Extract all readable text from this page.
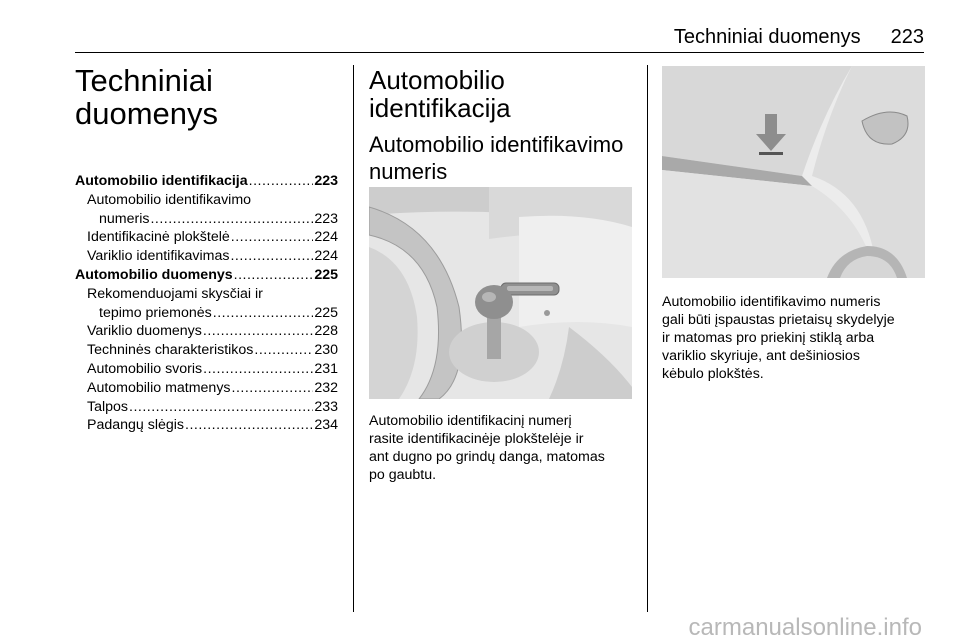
Techniniai duomenys 223
Techniniai
duomenys
Automobilio identifikacija .....	223
Automobilio identifikavimo
numeris .....	223
Identifikacinė plokštelė .....	224
Variklio identifikavimas .....	224
Automobilio duomenys .....	225
Rekomenduojami skysčiai ir
tepimo priemonės .....	225
Variklio duomenys .....	228
Techninės charakteristikos .....	230
Automobilio svoris .....	231
Automobilio matmenys .....	232
Talpos .....	233
Padangų slėgis .....	234
Automobilio
identifikacija
Automobilio identifikavimo
numeris

Automobilio identifikacinį numerį
rasite identifikacinėje plokštelėje ir
ant dugno po grindų danga, matomas
po gaubtu.

Automobilio identifikavimo numeris
gali būti įspaustas prietaisų skydelyje
ir matomas pro priekinį stiklą arba
variklio skyriuje, ant dešiniosios
kėbulo plokštės.

carmanualsonline.info
